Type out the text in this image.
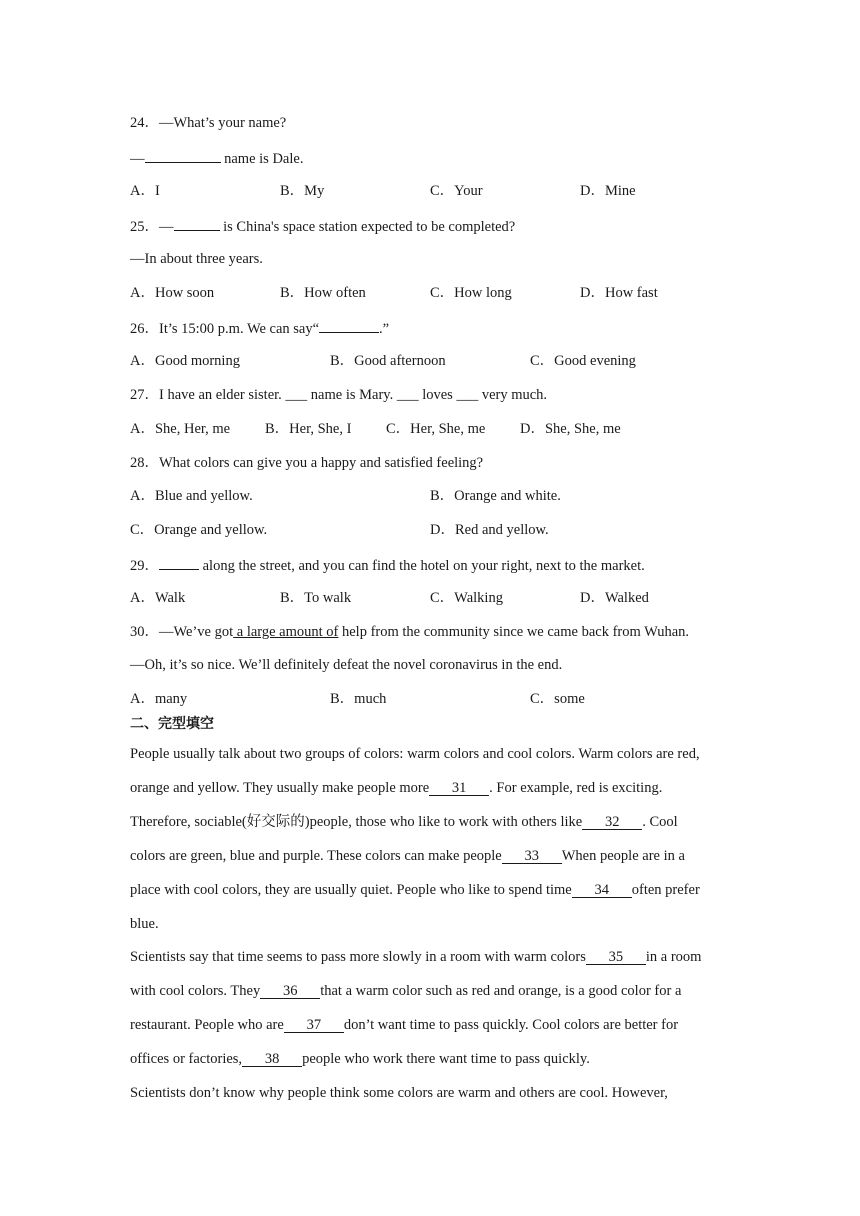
24．—What’s your name?
—	name is Dale.
A．I	B．My	C．Your	D．Mine
25．—	is China's space station expected to be completed?
—In about three years.
A．How soon	B．How often	C．How long	D．How fast
26．It’s 15:00 p.m. We can say“	.”
A．Good morning	B．Good afternoon	C．Good evening
27．I have an elder sister. ___ name is Mary. ___ loves ___ very much.
A．She, Her, me B．Her, She, I C．Her, She, me D．She, She, me
28．What colors can give you a happy and satisfied feeling?
A．Blue and yellow.	B．Orange and white.
C．Orange and yellow.	D．Red and yellow.
29．	along the street, and you can find the hotel on your right, next to the market.
A．Walk	B．To walk	C．Walking	D．Walked
30．—We’ve got a large amount of help from the community since we came back from Wuhan.
—Oh, it’s so nice. We’ll definitely defeat the novel coronavirus in the end.
A．many	B．much	C．some
二、完型填空
People usually talk about two groups of colors: warm colors and cool colors. Warm colors are red,
orange and yellow. They usually make people more 31 . For example, red is exciting.
Therefore, sociable(好交际的)people, those who like to work with others like 32 . Cool
colors are green, blue and purple. These colors can make people 33 When people are in a
place with cool colors, they are usually quiet. People who like to spend time 34 often prefer
blue.
Scientists say that time seems to pass more slowly in a room with warm colors 35 in a room
with cool colors. They 36 that a warm color such as red and orange, is a good color for a
restaurant. People who are 37 don’t want time to pass quickly. Cool colors are better for
offices or factories, 38 people who work there want time to pass quickly.
Scientists don’t know why people think some colors are warm and others are cool. However,
